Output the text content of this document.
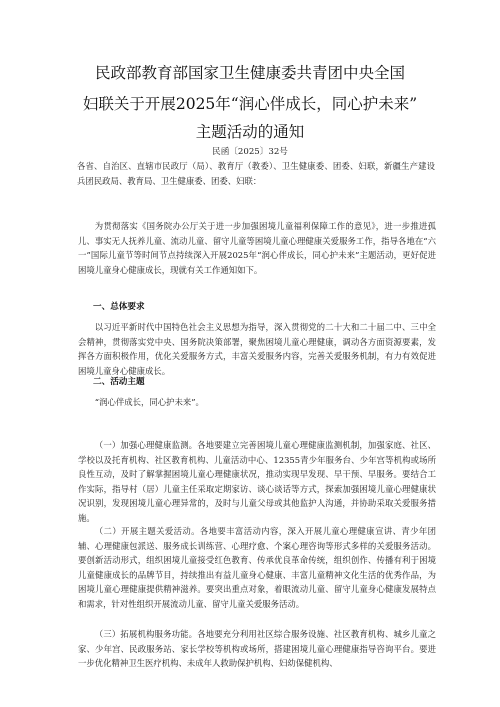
民政部教育部国家卫生健康委共青团中央全国
妇联关于开展2025年“润心伴成长，同心护未来”
主题活动的通知
民函〔2025〕32号

各省、自治区、直辖市民政厅（局）、教育厅（教委）、卫生健康委、团委、妇联，新疆生产建设兵团民政局、教育局、卫生健康委、团委、妇联：

为贯彻落实《国务院办公厅关于进一步加强困境儿童福利保障工作的意见》，进一步推进孤儿、事实无人抚养儿童、流动儿童、留守儿童等困境儿童心理健康关爱服务工作，指导各地在“六一”国际儿童节等时间节点持续深入开展2025年“润心伴成长，同心护未来”主题活动，更好促进困境儿童身心健康成长，现就有关工作通知如下。

一、总体要求

以习近平新时代中国特色社会主义思想为指导，深入贯彻党的二十大和二十届二中、三中全会精神，贯彻落实党中央、国务院决策部署，聚焦困境儿童心理健康，调动各方面资源要素，发挥各方面积极作用，优化关爱服务方式，丰富关爱服务内容，完善关爱服务机制，有力有效促进困境儿童身心健康成长。

二、活动主题

“润心伴成长，同心护未来”。

（一）加强心理健康监测。各地要建立完善困境儿童心理健康监测机制，加强家庭、社区、学校以及托育机构、社区教育机构、儿童活动中心、12355青少年服务台、少年宫等机构或场所良性互动，及时了解掌握困境儿童心理健康状况，推动实现早发现、早干预、早服务。要结合工作实际，指导村（居）儿童主任采取定期家访、谈心谈话等方式，探索加强困境儿童心理健康状况识别，发现困境儿童心理异常的，及时与儿童父母或其他监护人沟通，并协助采取关爱服务措施。

（二）开展主题关爱活动。各地要丰富活动内容，深入开展儿童心理健康宣讲、青少年团辅、心理健康包派送、服务成长训练营、心理疗愈、个案心理咨询等形式多样的关爱服务活动。要创新活动形式，组织困境儿童接受红色教育、传承优良革命传统，组织创作、传播有利于困境儿童健康成长的品牌节目，持续推出有益儿童身心健康、丰富儿童精神文化生活的优秀作品，为困境儿童心理健康提供精神滋养。要突出重点对象，着眼流动儿童、留守儿童身心健康发展特点和需求，针对性组织开展流动儿童、留守儿童关爱服务活动。

（三）拓展机构服务功能。各地要充分利用社区综合服务设施、社区教育机构、城乡儿童之家、少年宫、民政服务站、家长学校等机构或场所，搭建困境儿童心理健康指导咨询平台。要进一步优化精神卫生医疗机构、未成年人救助保护机构、妇幼保健机构、
